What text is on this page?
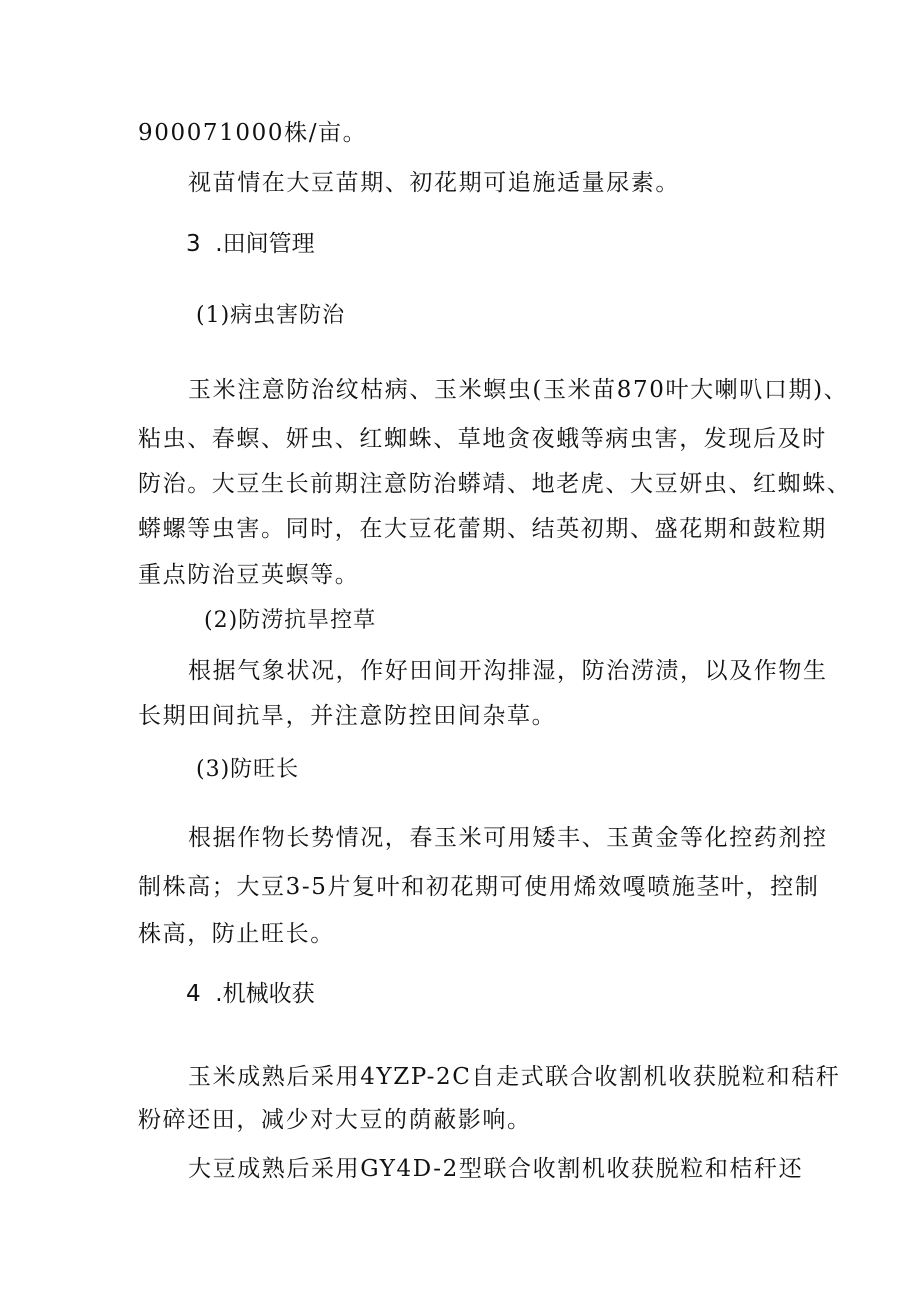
900071000株/亩。
视苗情在大豆苗期、初花期可追施适量尿素。
3  .田间管理
(1)病虫害防治
玉米注意防治纹枯病、玉米螟虫(玉米苗870叶大喇叭口期)、
粘虫、春螟、妍虫、红蜘蛛、草地贪夜蛾等病虫害，发现后及时
防治。大豆生长前期注意防治蟒靖、地老虎、大豆妍虫、红蜘蛛、
蟒螺等虫害。同时，在大豆花蕾期、结英初期、盛花期和鼓粒期
重点防治豆英螟等。
(2)防涝抗旱控草
根据气象状况，作好田间开沟排湿，防治涝渍，以及作物生
长期田间抗旱，并注意防控田间杂草。
(3)防旺长
根据作物长势情况，春玉米可用矮丰、玉黄金等化控药剂控
制株高；大豆3-5片复叶和初花期可使用烯效嘎喷施茎叶，控制
株高，防止旺长。
4  .机械收获
玉米成熟后采用4YZP-2C自走式联合收割机收获脱粒和秸秆
粉碎还田，减少对大豆的荫蔽影响。
大豆成熟后采用GY4D-2型联合收割机收获脱粒和桔秆还
